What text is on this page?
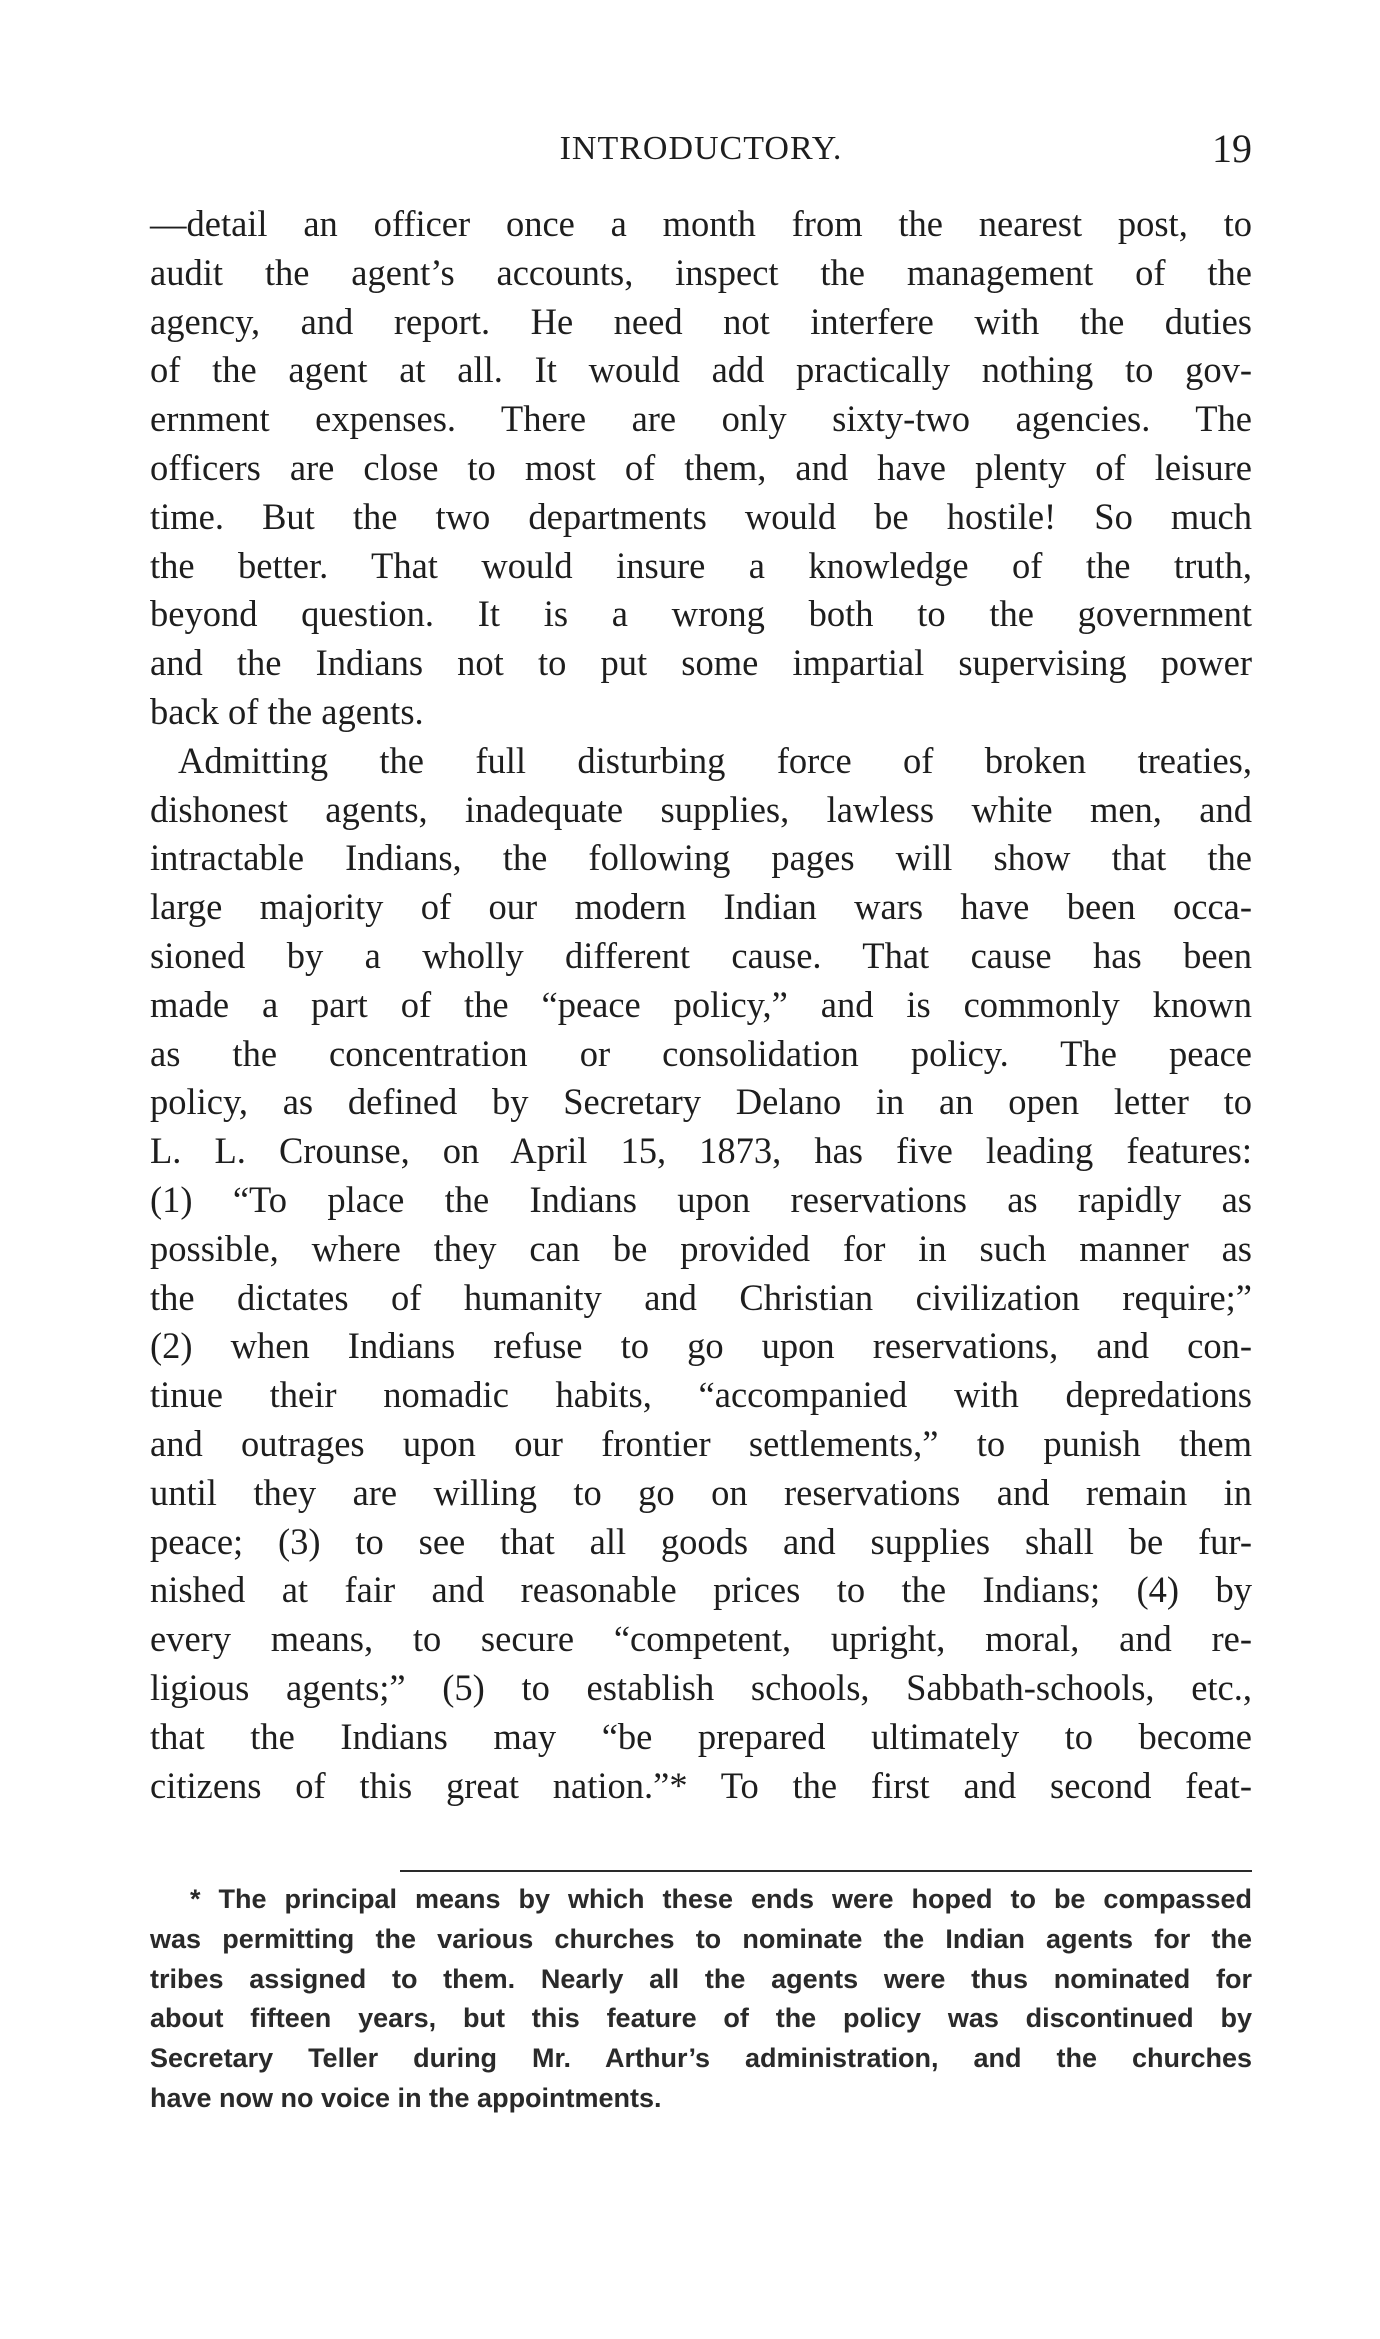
INTRODUCTORY.	19

—detail an officer once a month from the nearest post, to
audit the agent’s accounts, inspect the management of the
agency, and report. He need not interfere with the duties
of the agent at all. It would add practically nothing to gov-
ernment expenses. There are only sixty-two agencies. The
officers are close to most of them, and have plenty of leisure
time. But the two departments would be hostile! So much
the better. That would insure a knowledge of the truth,
beyond question. It is a wrong both to the government
and the Indians not to put some impartial supervising power
back of the agents.

Admitting the full disturbing force of broken treaties,
dishonest agents, inadequate supplies, lawless white men, and
intractable Indians, the following pages will show that the
large majority of our modern Indian wars have been occa-
sioned by a wholly different cause. That cause has been
made a part of the “peace policy,” and is commonly known
as the concentration or consolidation policy. The peace
policy, as defined by Secretary Delano in an open letter to
L. L. Crounse, on April 15, 1873, has five leading features:
(1) “To place the Indians upon reservations as rapidly as
possible, where they can be provided for in such manner as
the dictates of humanity and Christian civilization require;”
(2) when Indians refuse to go upon reservations, and con-
tinue their nomadic habits, “accompanied with depredations
and outrages upon our frontier settlements,” to punish them
until they are willing to go on reservations and remain in
peace; (3) to see that all goods and supplies shall be fur-
nished at fair and reasonable prices to the Indians; (4) by
every means, to secure “competent, upright, moral, and re-
ligious agents;” (5) to establish schools, Sabbath-schools, etc.,
that the Indians may “be prepared ultimately to become
citizens of this great nation.”* To the first and second feat-

* The principal means by which these ends were hoped to be compassed
was permitting the various churches to nominate the Indian agents for the
tribes assigned to them. Nearly all the agents were thus nominated for
about fifteen years, but this feature of the policy was discontinued by
Secretary Teller during Mr. Arthur’s administration, and the churches
have now no voice in the appointments.
